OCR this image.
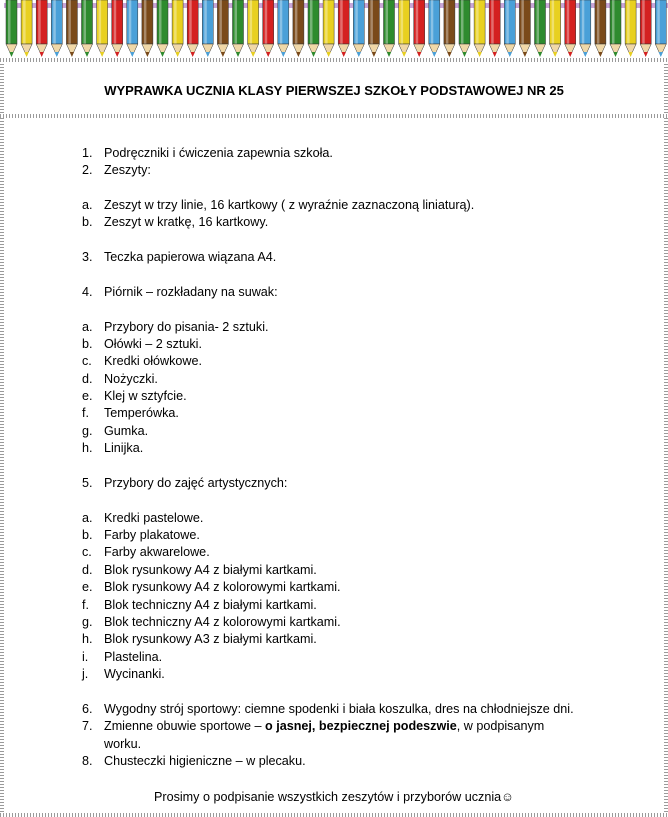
WYPRAWKA UCZNIA KLASY PIERWSZEJ SZKOŁY PODSTAWOWEJ NR 25
1. Podręczniki i ćwiczenia zapewnia szkoła.
2. Zeszyty:
a. Zeszyt w trzy linie, 16 kartkowy ( z wyraźnie zaznaczoną liniaturą).
b. Zeszyt w kratkę, 16 kartkowy.
3. Teczka papierowa wiązana A4.
4. Piórnik – rozkładany na suwak:
a. Przybory do pisania- 2 sztuki.
b. Ołówki – 2 sztuki.
c. Kredki ołówkowe.
d. Nożyczki.
e. Klej w sztyfcie.
f. Temperówka.
g. Gumka.
h. Linijka.
5. Przybory do zajęć artystycznych:
a. Kredki pastelowe.
b. Farby plakatowe.
c. Farby akwarelowe.
d. Blok rysunkowy A4 z białymi kartkami.
e. Blok rysunkowy A4 z kolorowymi kartkami.
f. Blok techniczny A4 z białymi kartkami.
g. Blok techniczny A4 z kolorowymi kartkami.
h. Blok rysunkowy A3 z białymi kartkami.
i. Plastelina.
j. Wycinanki.
6. Wygodny strój sportowy: ciemne spodenki i biała koszulka, dres na chłodniejsze dni.
7. Zmienne obuwie sportowe – o jasnej, bezpiecznej podeszwie, w podpisanym
worku.
8. Chusteczki higieniczne – w plecaku.
Prosimy o podpisanie wszystkich zeszytów i przyborów ucznia☺
